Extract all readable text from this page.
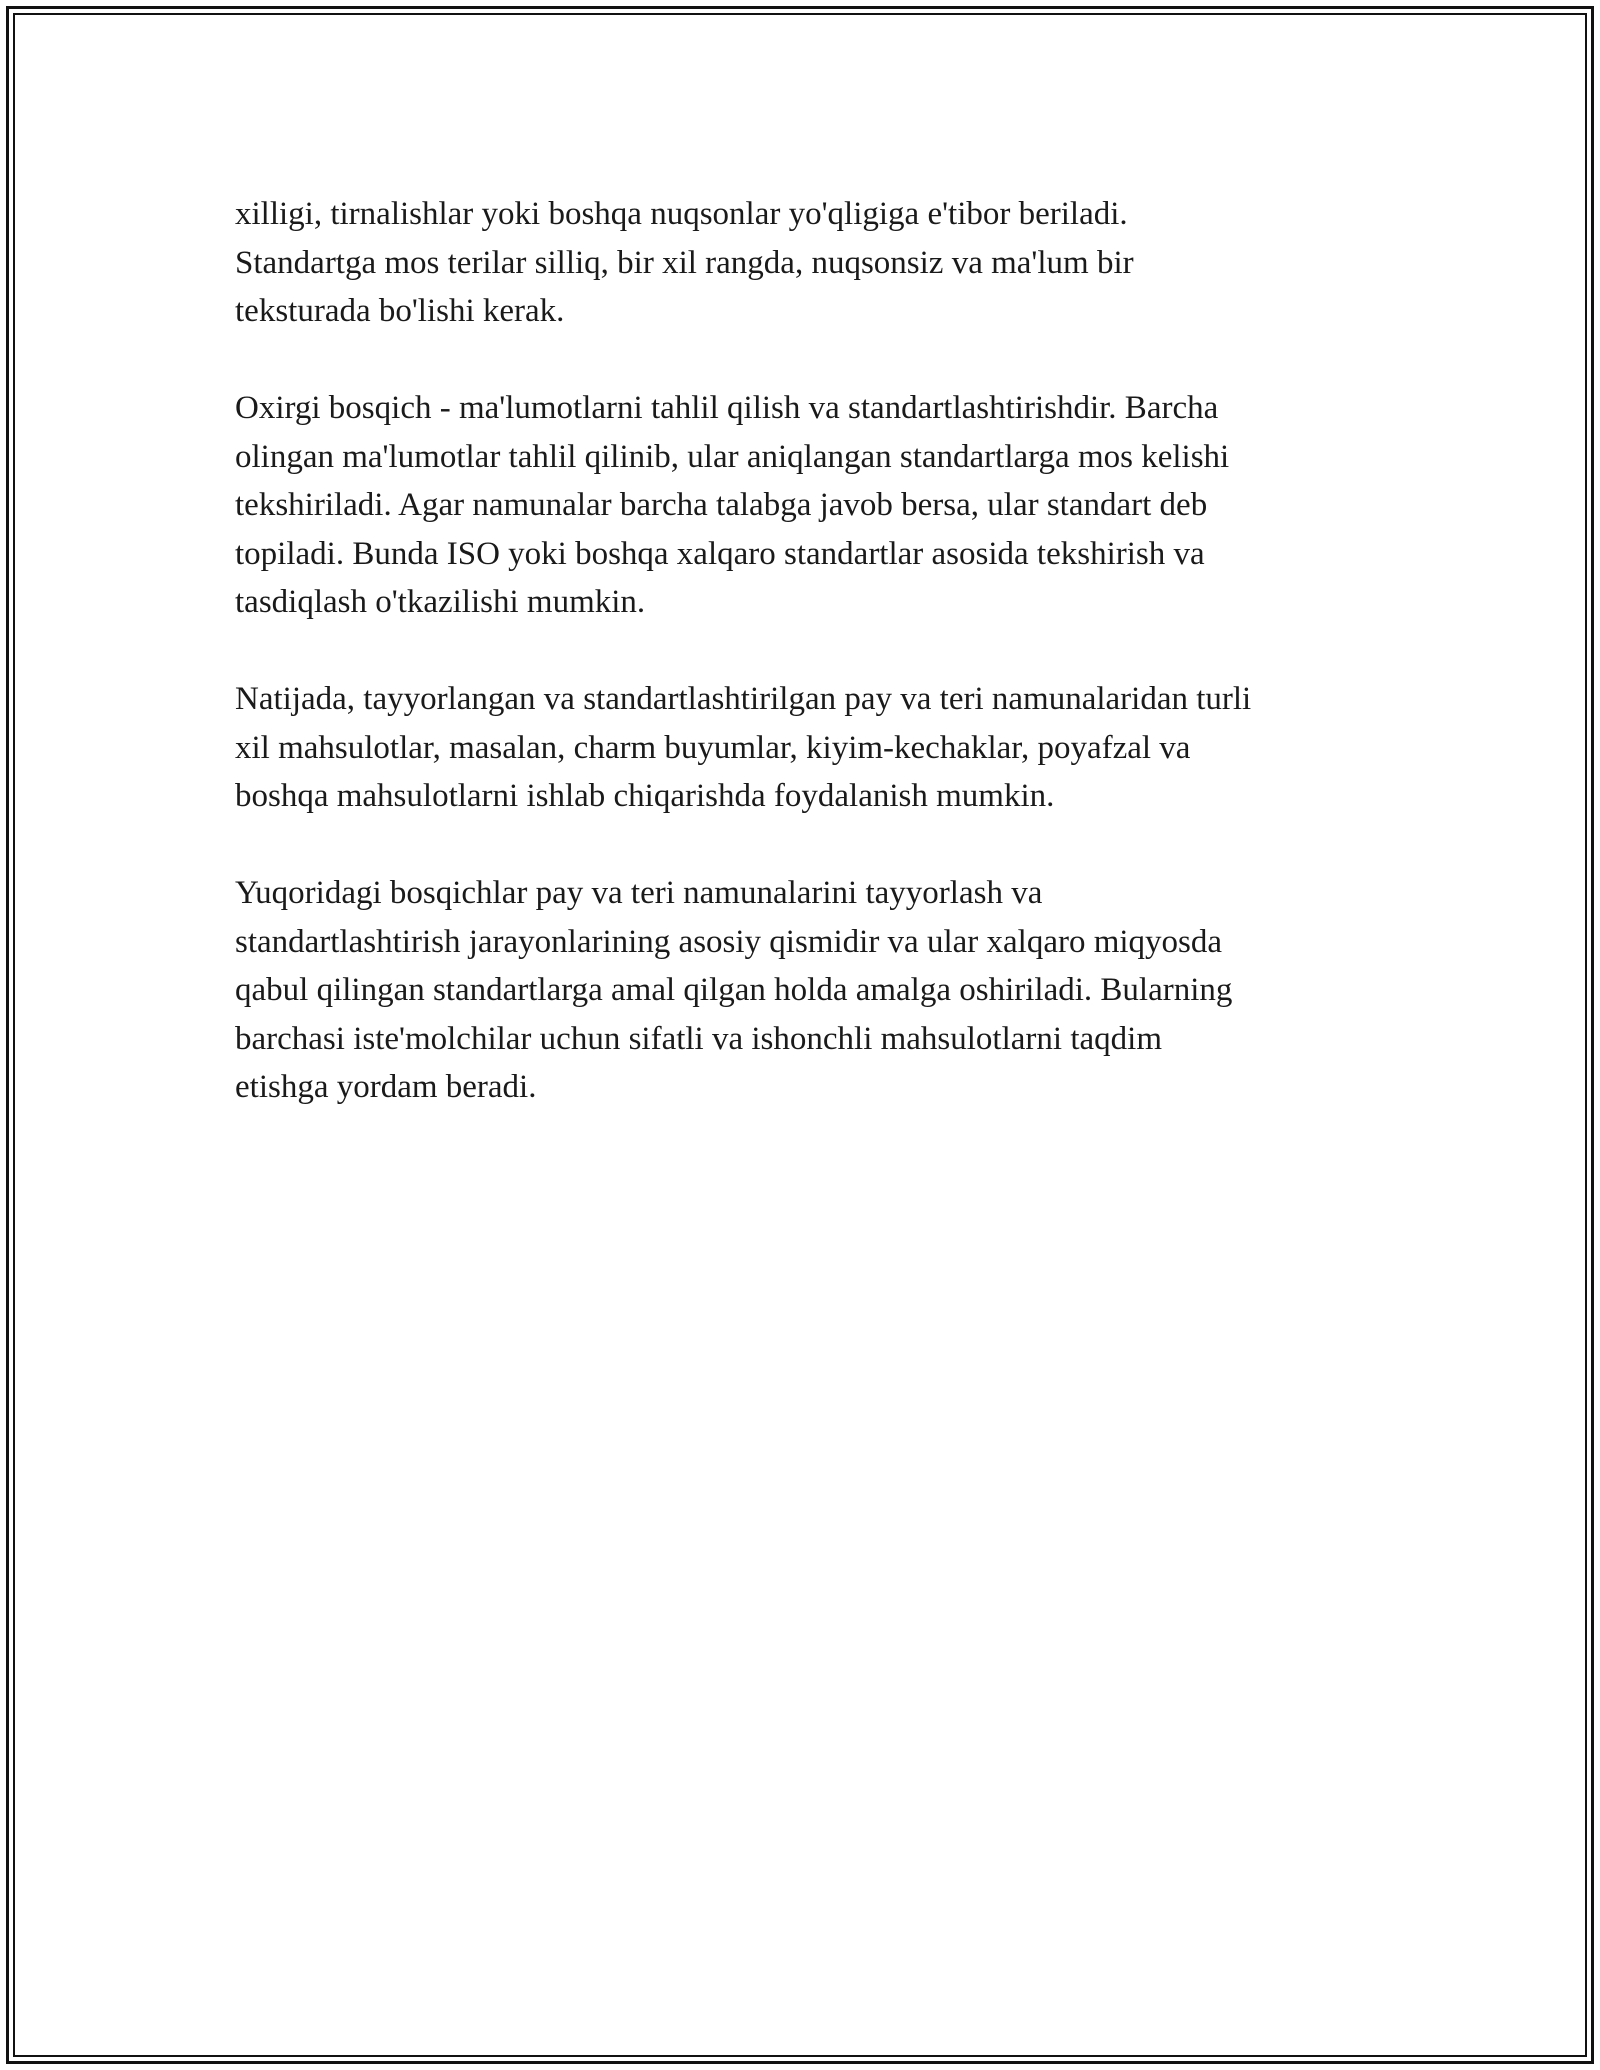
xilligi, tirnalishlar yoki boshqa nuqsonlar yo'qligiga e'tibor beriladi.
Standartga mos terilar silliq, bir xil rangda, nuqsonsiz va ma'lum bir
teksturada bo'lishi kerak.

Oxirgi bosqich - ma'lumotlarni tahlil qilish va standartlashtirishdir. Barcha
olingan ma'lumotlar tahlil qilinib, ular aniqlangan standartlarga mos kelishi
tekshiriladi. Agar namunalar barcha talabga javob bersa, ular standart deb
topiladi. Bunda ISO yoki boshqa xalqaro standartlar asosida tekshirish va
tasdiqlash o'tkazilishi mumkin.

Natijada, tayyorlangan va standartlashtirilgan pay va teri namunalaridan turli
xil mahsulotlar, masalan, charm buyumlar, kiyim-kechaklar, poyafzal va
boshqa mahsulotlarni ishlab chiqarishda foydalanish mumkin.

Yuqoridagi bosqichlar pay va teri namunalarini tayyorlash va
standartlashtirish jarayonlarining asosiy qismidir va ular xalqaro miqyosda
qabul qilingan standartlarga amal qilgan holda amalga oshiriladi. Bularning
barchasi iste'molchilar uchun sifatli va ishonchli mahsulotlarni taqdim
etishga yordam beradi.
